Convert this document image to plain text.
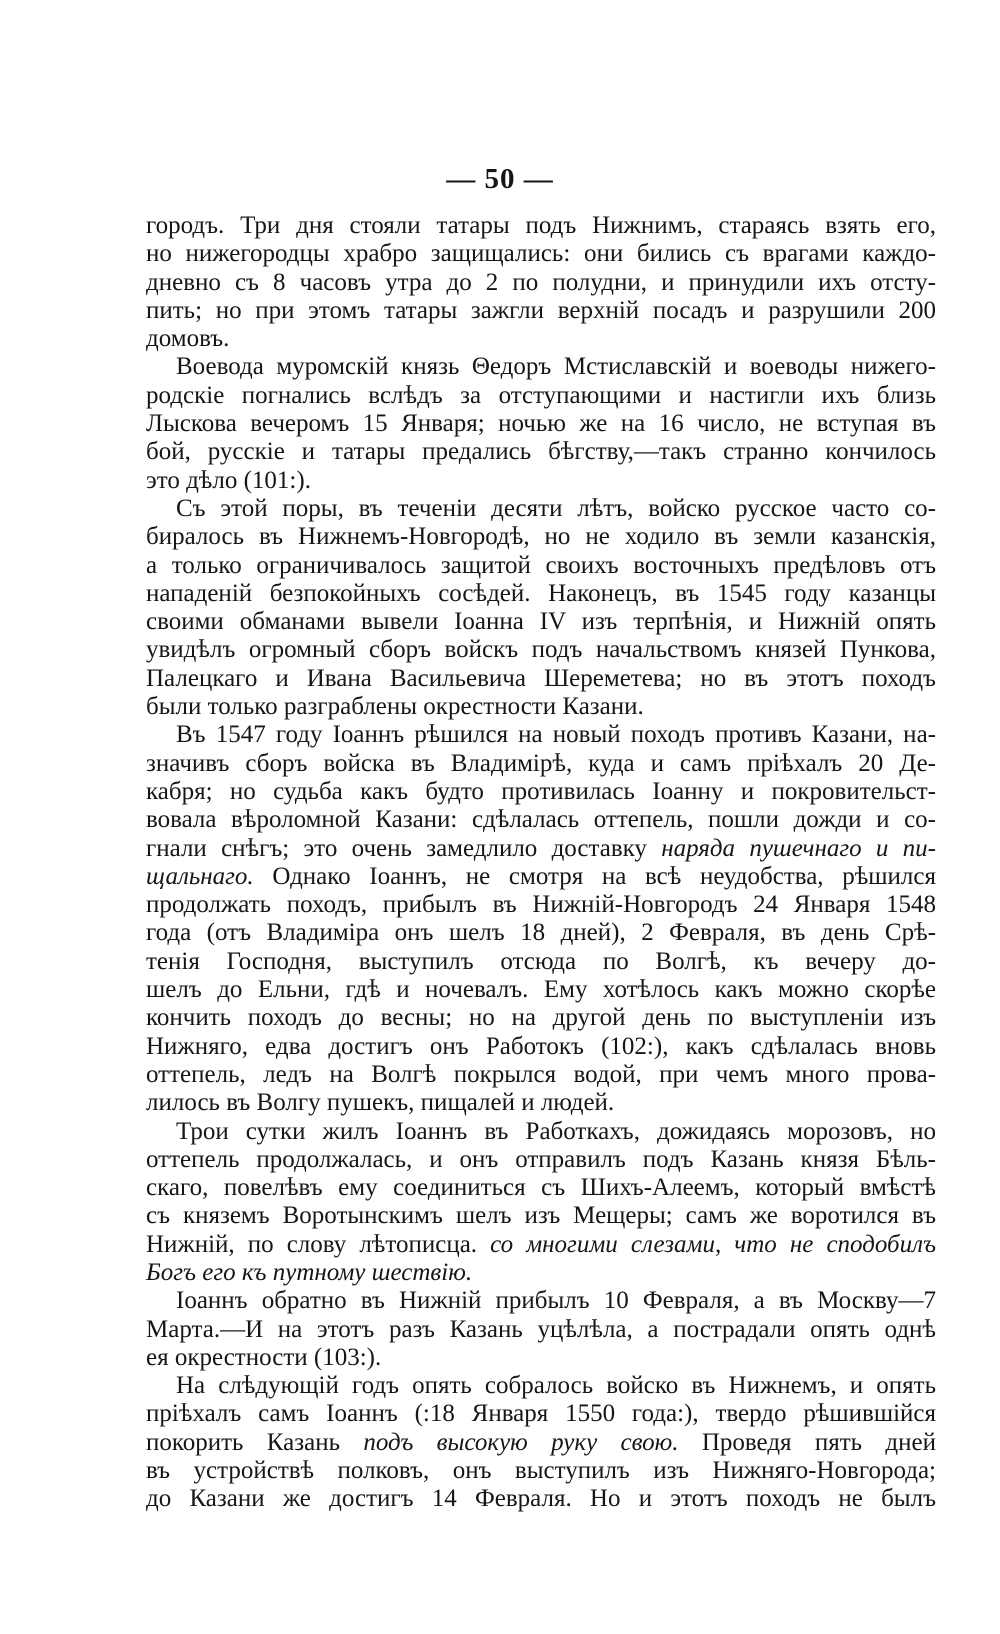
— 50 —
городъ. Три дня стояли татары подъ Нижнимъ, стараясь взять его,
но нижегородцы храбро защищались: они бились съ врагами каждо-
дневно съ 8 часовъ утра до 2 по полудни, и принудили ихъ отсту-
пить; но при этомъ татары зажгли верхній посадъ и разрушили 200
домовъ.
Воевода муромскій князь Θедоръ Мстиславскій и воеводы нижего-
родскіе погнались вслѣдъ за отступающими и настигли ихъ близь
Лыскова вечеромъ 15 Января; ночью же на 16 число, не вступая въ
бой, русскіе и татары предались бѣгству,—такъ странно кончилось
это дѣло (101:).
Съ этой поры, въ теченіи десяти лѣтъ, войско русское часто со-
биралось въ Нижнемъ-Новгородѣ, но не ходило въ земли казанскія,
а только ограничивалось защитой своихъ восточныхъ предѣловъ отъ
нападеній безпокойныхъ сосѣдей. Наконецъ, въ 1545 году казанцы
своими обманами вывели Іоанна IV изъ терпѣнія, и Нижній опять
увидѣлъ огромный сборъ войскъ подъ начальствомъ князей Пункова,
Палецкаго и Ивана Васильевича Шереметева; но въ этотъ походъ
были только разграблены окрестности Казани.
Въ 1547 году Іоаннъ рѣшился на новый походъ противъ Казани, на-
значивъ сборъ войска въ Владимірѣ, куда и самъ пріѣхалъ 20 Де-
кабря; но судьба какъ будто противилась Іоанну и покровительст-
вовала вѣроломной Казани: сдѣлалась оттепель, пошли дожди и со-
гнали снѣгъ; это очень замедлило доставку наряда пушечнаго и пи-
щальнаго. Однако Іоаннъ, не смотря на всѣ неудобства, рѣшился
продолжать походъ, прибылъ въ Нижній-Новгородъ 24 Января 1548
года (отъ Владиміра онъ шелъ 18 дней), 2 Февраля, въ день Срѣ-
тенія Господня, выступилъ отсюда по Волгѣ, къ вечеру до-
шелъ до Ельни, гдѣ и ночевалъ. Ему хотѣлось какъ можно скорѣе
кончить походъ до весны; но на другой день по выступленіи изъ
Нижняго, едва достигъ онъ Работокъ (102:), какъ сдѣлалась вновь
оттепель, ледъ на Волгѣ покрылся водой, при чемъ много прова-
лилось въ Волгу пушекъ, пищалей и людей.
Трои сутки жилъ Іоаннъ въ Работкахъ, дожидаясь морозовъ, но
оттепель продолжалась, и онъ отправилъ подъ Казань князя Бѣль-
скаго, повелѣвъ ему соединиться съ Шихъ-Алеемъ, который вмѣстѣ
съ княземъ Воротынскимъ шелъ изъ Мещеры; самъ же воротился въ
Нижній, по слову лѣтописца. со многими слезами, что не сподобилъ
Богъ его къ путному шествію.
Іоаннъ обратно въ Нижній прибылъ 10 Февраля, а въ Москву—7
Марта.—И на этотъ разъ Казань уцѣлѣла, а пострадали опять однѣ
ея окрестности (103:).
На слѣдующій годъ опять собралось войско въ Нижнемъ, и опять
пріѣхалъ самъ Іоаннъ (:18 Января 1550 года:), твердо рѣшившійся
покорить Казань подъ высокую руку свою. Проведя пять дней
въ устройствѣ полковъ, онъ выступилъ изъ Нижняго-Новгорода;
до Казани же достигъ 14 Февраля. Но и этотъ походъ не былъ
